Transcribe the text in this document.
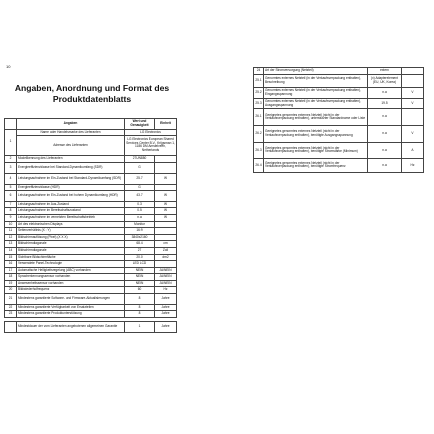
10
Angaben, Anordnung und Format des
Produktdatenblatts
	Angaben	Wert und Genauigkeit	Einheit
1	Name oder Handelsmarke des Lieferanten	LG Electronics	
	Adresse des Lieferanten	LG Electronics European Shared Services Center B.V., Krijgsman 1, 1186 DM Amstelveen, Netherlands	
2	Modellkennung des Lieferanten	27UN880	
3	Energieeffizienzklasse bei Standard-Dynamikumfang (SDR)	G	
4	Leistungsaufnahme im Ein-Zustand bei Standard-Dynamikumfang (SDR)	25.7	W
5	Energieeffizienzklasse (HDR)	G	
6	Leistungsaufnahme im Ein-Zustand bei hohem Dynamikumfang (HDR)	43.7	W
7	Leistungsaufnahme im Aus-Zustand	0.3	W
8	Leistungsaufnahme im Bereitschaftszustand	0.5	W
9	Leistungsaufnahme im vernetzten Bereitschaftsbetrieb	n.a	W
10	Art des elektronischen Displays	Monitor	
11	Seitenverhältnis (X : Y)	16:9	
12	Bildschirmauflösung (Pixel) (X X X)	3840x2160	
13	Bildschirmdiagonale	68.4	cm
14	Bildschirmdiagonale	27	Zoll
15	Sichtbare Bildschirmfläche	20.0	dm2
16	Verwendete Panel-Technologie	LED LCD	
17	Automatische Helligkeitsregelung (ABC) vorhanden	NEIN	JA/NEIN
18	Spracherkennungssensor vorhanden	NEIN	JA/NEIN
19	Anwesenheitssensor vorhanden	NEIN	JA/NEIN
20	Bildwiederholfrequenz	60	Hz
21	Mindestens garantierte Software- und Firmware-Aktualisierungen	8	Jahre
22	Mindestens garantierte Verfügbarkeit von Ersatzteilen	8	Jahre
23	Mindestens garantierte Produktunterstützung	8	Jahre

	Mindestdauer der vom Lieferanten angebotenen allgemeinen Garantie	1	Jahre
24	Art der Stromversorgung (Netzteil)	extern	
25.1	Genormtes externes Netzteil (in der Verkaufsverpackung enthalten), Beschreibung	(x) Adapterelement (EU, UK, Korea)	
25.2	Genormtes externes Netzteil (in der Verkaufsverpackung enthalten), Eingangsspannung	n.a	V
25.3	Genormtes externes Netzteil (in der Verkaufsverpackung enthalten), Ausgangsspannung	19.5	V
26.1	Geeignetes genormtes externes Netzteil (nicht in der Verkaufsverpackung enthalten), unterstützter Standardname oder Liste	n.a	
26.2	Geeignetes genormtes externes Netzteil (nicht in der Verkaufsverpackung enthalten), benötigte Ausgangsspannung	n.a	V
26.3	Geeignetes genormtes externes Netzteil (nicht in der Verkaufsverpackung enthalten), benötigte Stromstärke (Minimum)	n.a	A
26.4	Geeignetes genormtes externes Netzteil (nicht in der Verkaufsverpackung enthalten), benötigte Stromfrequenz	n.a	Hz
